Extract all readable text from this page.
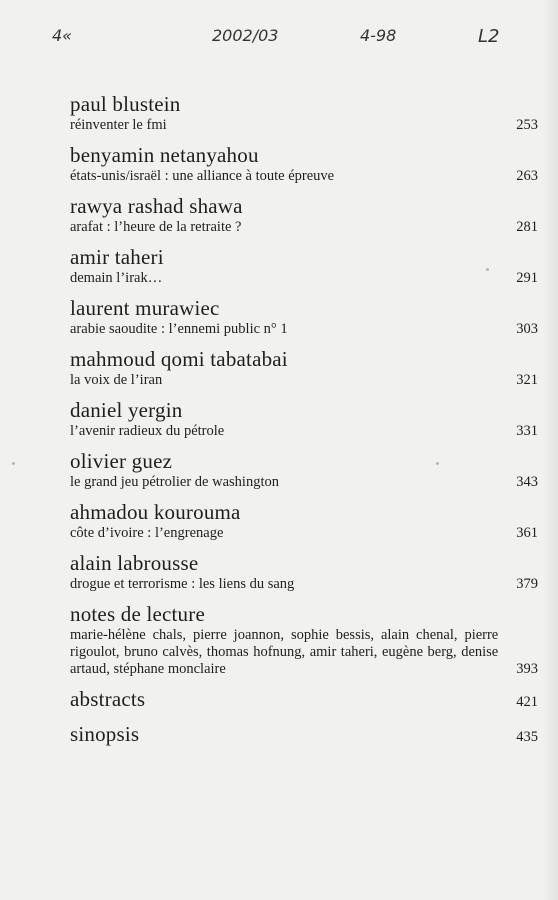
4«	2002/03	4-98	L2
paul blustein
réinventer le fmi	253
benyamin netanyahou
états-unis/israël : une alliance à toute épreuve	263
rawya rashad shawa
arafat : l’heure de la retraite ?	281
amir taheri
demain l’irak…	291
laurent murawiec
arabie saoudite : l’ennemi public n° 1	303
mahmoud qomi tabatabai
la voix de l’iran	321
daniel yergin
l’avenir radieux du pétrole	331
olivier guez
le grand jeu pétrolier de washington	343
ahmadou kourouma
côte d’ivoire : l’engrenage	361
alain labrousse
drogue et terrorisme : les liens du sang	379
notes de lecture
marie-hélène chals, pierre joannon, sophie bessis, alain chenal, pierre rigoulot, bruno calvès, thomas hofnung, amir taheri, eugène berg, denise artaud, stéphane monclaire	393
abstracts	421
sinopsis	435
